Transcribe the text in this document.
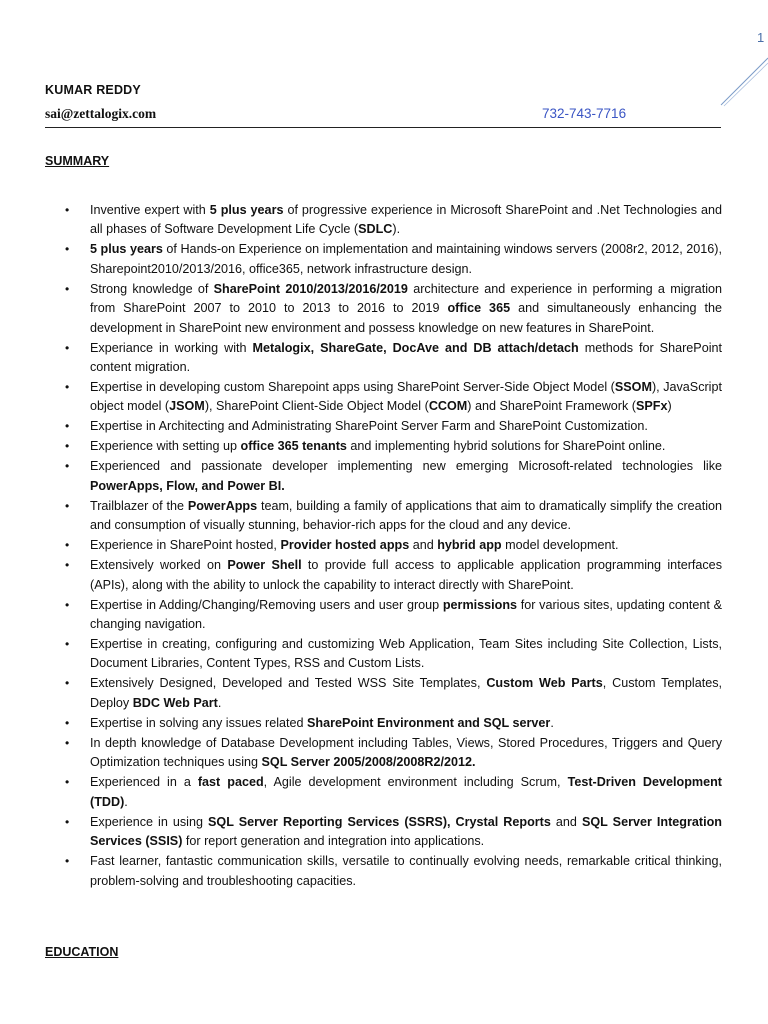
1
KUMAR REDDY
sai@zettalogix.com	732-743-7716
SUMMARY
• Inventive expert with 5 plus years of progressive experience in Microsoft SharePoint and .Net Technologies and all phases of Software Development Life Cycle (SDLC).
• 5 plus years of Hands-on Experience on implementation and maintaining windows servers (2008r2, 2012, 2016), Sharepoint2010/2013/2016, office365, network infrastructure design.
• Strong knowledge of SharePoint 2010/2013/2016/2019 architecture and experience in performing a migration from SharePoint 2007 to 2010 to 2013 to 2016 to 2019 office 365 and simultaneously enhancing the development in SharePoint new environment and possess knowledge on new features in SharePoint.
• Experiance in working with Metalogix, ShareGate, DocAve and DB attach/detach methods for SharePoint content migration.
• Expertise in developing custom Sharepoint apps using SharePoint Server-Side Object Model (SSOM), JavaScript object model (JSOM), SharePoint Client-Side Object Model (CCOM) and SharePoint Framework (SPFx)
• Expertise in Architecting and Administrating SharePoint Server Farm and SharePoint Customization.
• Experience with setting up office 365 tenants and implementing hybrid solutions for SharePoint online.
• Experienced and passionate developer implementing new emerging Microsoft-related technologies like PowerApps, Flow, and Power BI.
• Trailblazer of the PowerApps team, building a family of applications that aim to dramatically simplify the creation and consumption of visually stunning, behavior-rich apps for the cloud and any device.
• Experience in SharePoint hosted, Provider hosted apps and hybrid app model development.
• Extensively worked on Power Shell to provide full access to applicable application programming interfaces (APIs), along with the ability to unlock the capability to interact directly with SharePoint.
• Expertise in Adding/Changing/Removing users and user group permissions for various sites, updating content & changing navigation.
• Expertise in creating, configuring and customizing Web Application, Team Sites including Site Collection, Lists, Document Libraries, Content Types, RSS and Custom Lists.
• Extensively Designed, Developed and Tested WSS Site Templates, Custom Web Parts, Custom Templates, Deploy BDC Web Part.
• Expertise in solving any issues related SharePoint Environment and SQL server.
• In depth knowledge of Database Development including Tables, Views, Stored Procedures, Triggers and Query Optimization techniques using SQL Server 2005/2008/2008R2/2012.
• Experienced in a fast paced, Agile development environment including Scrum, Test-Driven Development (TDD).
• Experience in using SQL Server Reporting Services (SSRS), Crystal Reports and SQL Server Integration Services (SSIS) for report generation and integration into applications.
• Fast learner, fantastic communication skills, versatile to continually evolving needs, remarkable critical thinking, problem-solving and troubleshooting capacities.
EDUCATION
